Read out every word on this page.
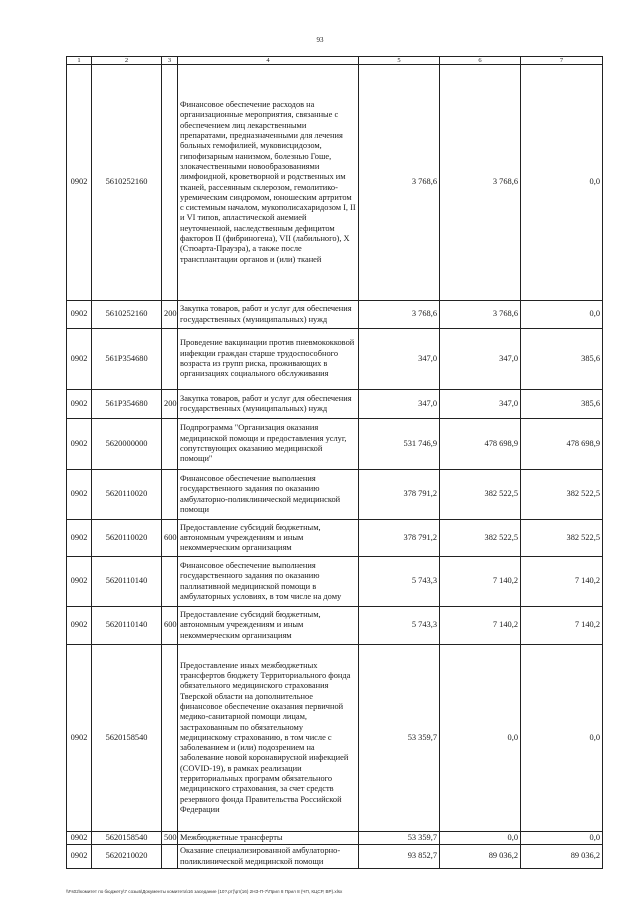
93
1	2	3	4	5	6	7
0902	5610252160		Финансовое обеспечение расходов на организационные мероприятия, связанные с обеспечением лиц лекарственными препаратами, предназначенными для лечения больных гемофилией, муковисцидозом, гипофизарным нанизмом, болезнью Гоше, злокачественными новообразованиями лимфоидной, кроветворной и родственных им тканей, рассеянным склерозом, гемолитико-уремическим синдромом, юношеским артритом с системным началом, мукополисахаридозом I, II и VI типов, апластической анемией неуточненной, наследственным дефицитом факторов II (фибриногена), VII (лабильного), X (Стюарта-Прауэра), а также после трансплантации органов и (или) тканей	3 768,6	3 768,6	0,0
0902	5610252160	200	Закупка товаров, работ и услуг для обеспечения государственных (муниципальных) нужд	3 768,6	3 768,6	0,0
0902	561Р354680		Проведение вакцинации против пневмококковой инфекции граждан старше трудоспособного возраста из групп риска, проживающих в организациях социального обслуживания	347,0	347,0	385,6
0902	561Р354680	200	Закупка товаров, работ и услуг для обеспечения государственных (муниципальных) нужд	347,0	347,0	385,6
0902	5620000000		Подпрограмма "Организация оказания медицинской помощи и предоставления услуг, сопутствующих оказанию медицинской помощи"	531 746,9	478 698,9	478 698,9
0902	5620110020		Финансовое обеспечение выполнения государственного задания по оказанию амбулаторно-поликлинической медицинской помощи	378 791,2	382 522,5	382 522,5
0902	5620110020	600	Предоставление субсидий бюджетным, автономным учреждениям и иным некоммерческим организациям	378 791,2	382 522,5	382 522,5
0902	5620110140		Финансовое обеспечение выполнения государственного задания по оказанию паллиативной медицинской помощи в амбулаторных условиях, в том числе на дому	5 743,3	7 140,2	7 140,2
0902	5620110140	600	Предоставление субсидий бюджетным, автономным учреждениям и иным некоммерческим организациям	5 743,3	7 140,2	7 140,2
0902	5620158540		Предоставление иных межбюджетных трансфертов бюджету Территориального фонда обязательного медицинского страхования Тверской области на дополнительное финансовое обеспечение оказания первичной медико-санитарной помощи лицам, застрахованным по обязательному медицинскому страхованию, в том числе с заболеванием и (или) подозрением на заболевание новой коронавирусной инфекцией (COVID-19), в рамках реализации территориальных программ обязательного медицинского страхования, за счет средств резервного фонда Правительства Российской Федерации	53 359,7	0,0	0,0
0902	5620158540	500	Межбюджетные трансферты	53 359,7	0,0	0,0
0902	5620210020		Оказание специализированной амбулаторно-поликлинической медицинской помощи	93 852,7	89 036,2	89 036,2
\\Fs02\комитет по бюджету\7 созыв\Документы комитета\16 заседание (10?.рт)\рт(16) 2НЗ-П-7\Прил 8 Прил 8 (ЧП, КЦСР, ВР).xlsx
